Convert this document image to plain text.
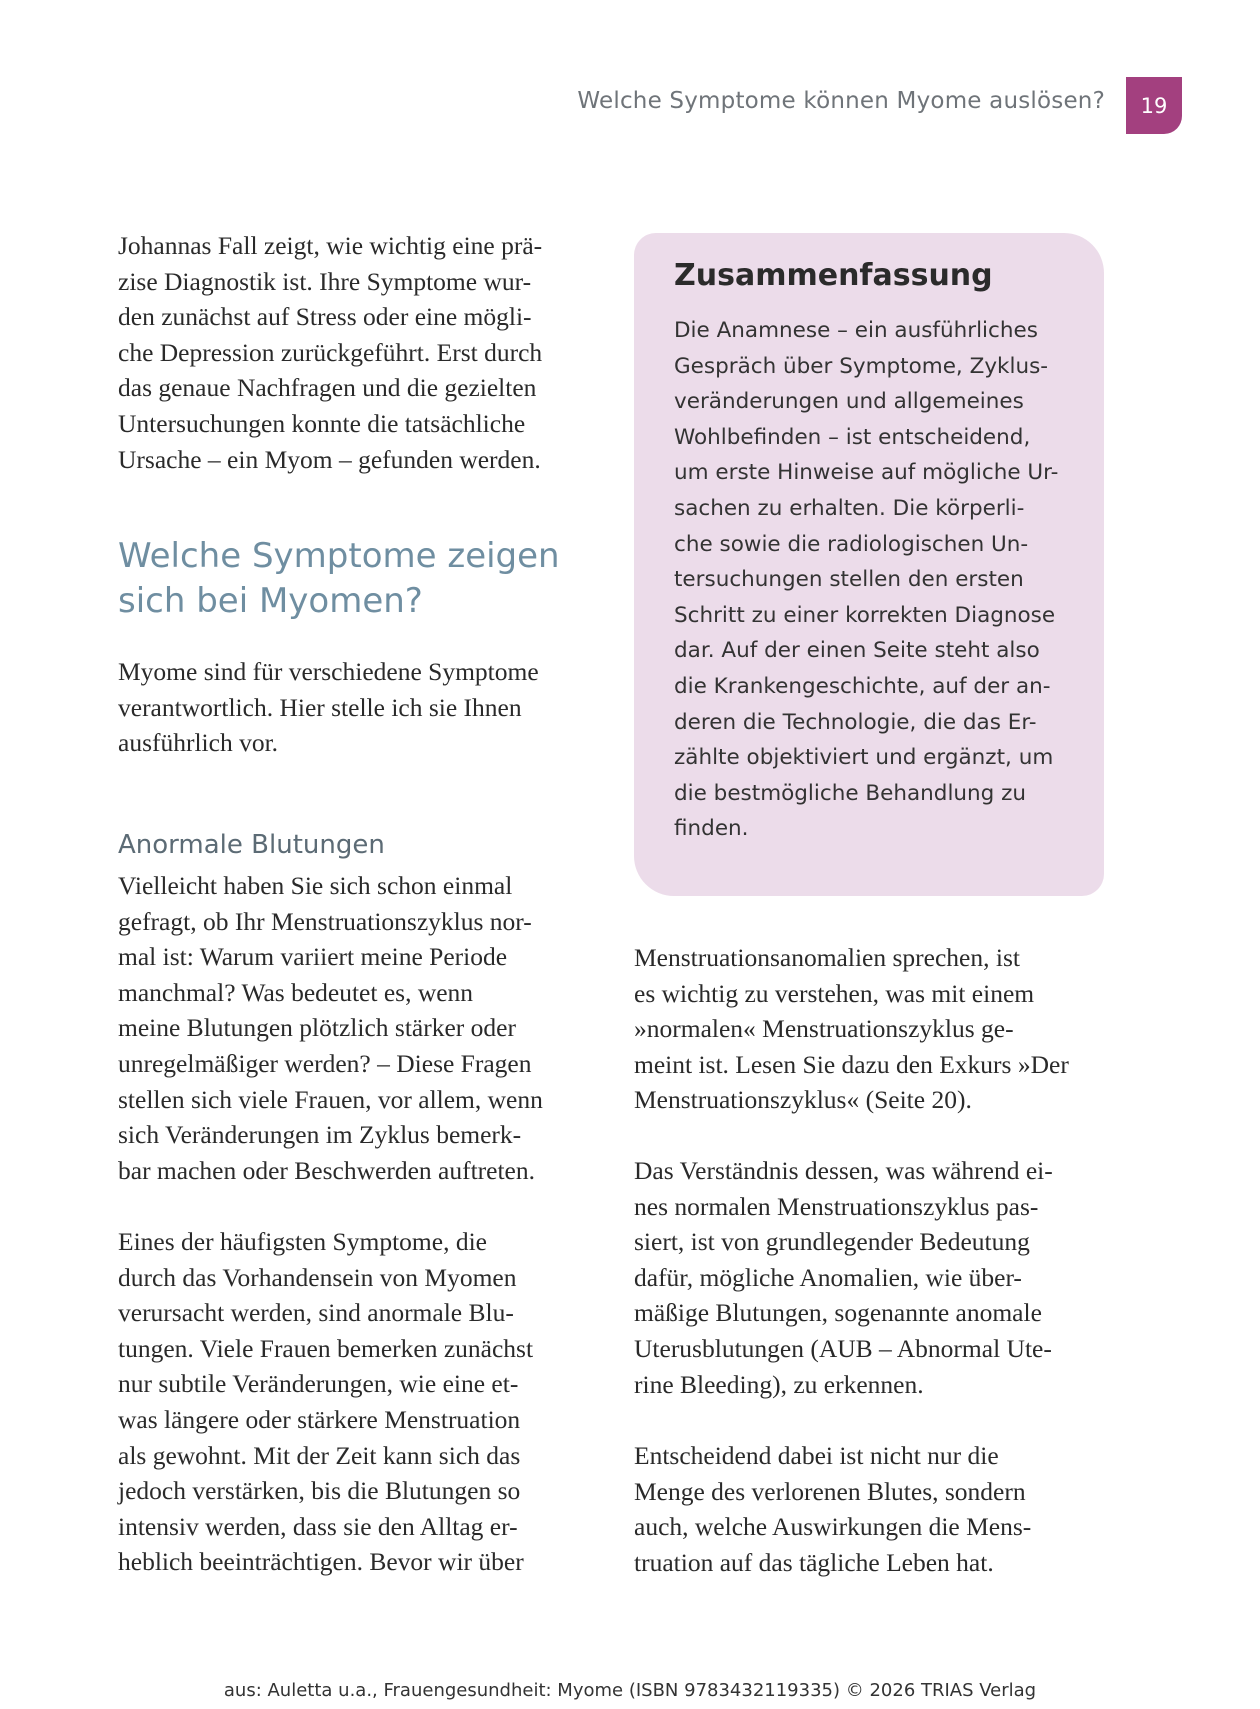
Welche Symptome können Myome auslösen? 19
Johannas Fall zeigt, wie wichtig eine prä-
zise Diagnostik ist. Ihre Symptome wur-
den zunächst auf Stress oder eine mögli-
che Depression zurückgeführt. Erst durch
das genaue Nachfragen und die gezielten
Untersuchungen konnte die tatsächliche
Ursache – ein Myom – gefunden werden.
Welche Symptome zeigen
sich bei Myomen?
Myome sind für verschiedene Symptome
verantwortlich. Hier stelle ich sie Ihnen
ausführlich vor.
Anormale Blutungen
Vielleicht haben Sie sich schon einmal
gefragt, ob Ihr Menstruationszyklus nor-
mal ist: Warum variiert meine Periode
manchmal? Was bedeutet es, wenn
meine Blutungen plötzlich stärker oder
unregelmäßiger werden? – Diese Fragen
stellen sich viele Frauen, vor allem, wenn
sich Veränderungen im Zyklus bemerk-
bar machen oder Beschwerden auftreten.
Eines der häufigsten Symptome, die
durch das Vorhandensein von Myomen
verursacht werden, sind anormale Blu-
tungen. Viele Frauen bemerken zunächst
nur subtile Veränderungen, wie eine et-
was längere oder stärkere Menstruation
als gewohnt. Mit der Zeit kann sich das
jedoch verstärken, bis die Blutungen so
intensiv werden, dass sie den Alltag er-
heblich beeinträchtigen. Bevor wir über
Zusammenfassung
Die Anamnese – ein ausführliches
Gespräch über Symptome, Zyklus-
veränderungen und allgemeines
Wohlbefinden – ist entscheidend,
um erste Hinweise auf mögliche Ur-
sachen zu erhalten. Die körperli-
che sowie die radiologischen Un-
tersuchungen stellen den ersten
Schritt zu einer korrekten Diagnose
dar. Auf der einen Seite steht also
die Krankengeschichte, auf der an-
deren die Technologie, die das Er-
zählte objektiviert und ergänzt, um
die bestmögliche Behandlung zu
finden.
Menstruationsanomalien sprechen, ist
es wichtig zu verstehen, was mit einem
»normalen« Menstruationszyklus ge-
meint ist. Lesen Sie dazu den Exkurs »Der
Menstruationszyklus« (Seite 20).
Das Verständnis dessen, was während ei-
nes normalen Menstruationszyklus pas-
siert, ist von grundlegender Bedeutung
dafür, mögliche Anomalien, wie über-
mäßige Blutungen, sogenannte anomale
Uterusblutungen (AUB – Abnormal Ute-
rine Bleeding), zu erkennen.
Entscheidend dabei ist nicht nur die
Menge des verlorenen Blutes, sondern
auch, welche Auswirkungen die Mens-
truation auf das tägliche Leben hat.
aus: Auletta u.a., Frauengesundheit: Myome (ISBN 9783432119335) © 2026 TRIAS Verlag
